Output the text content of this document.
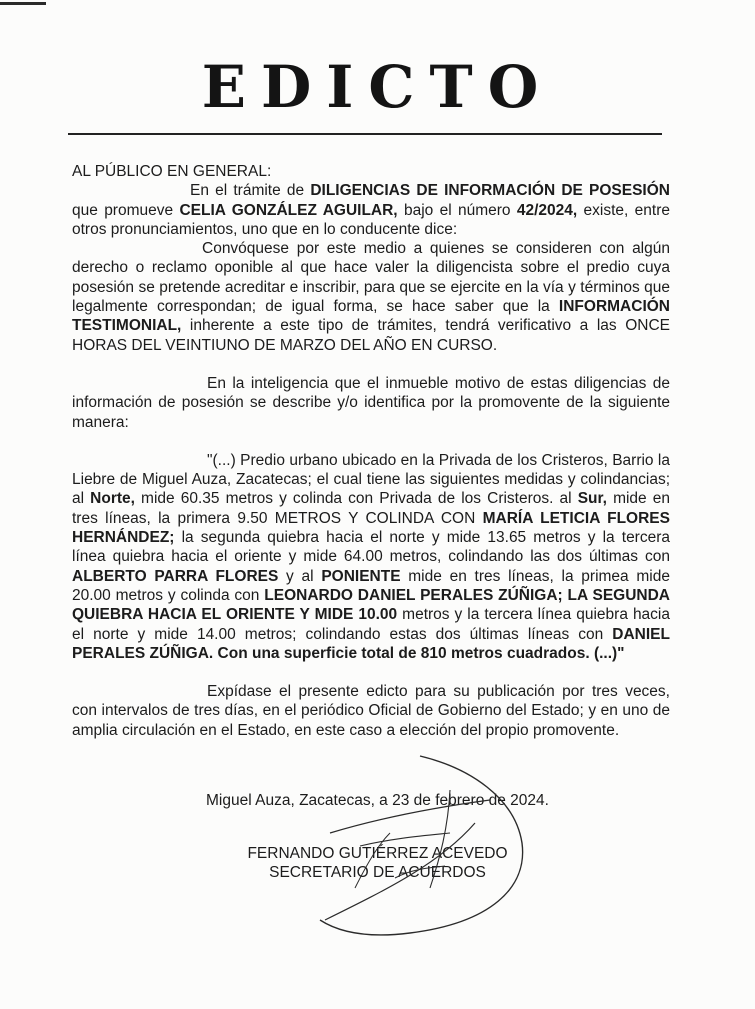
EDICTO

AL PÚBLICO EN GENERAL:

En el trámite de DILIGENCIAS DE INFORMACIÓN DE POSESIÓN que promueve CELIA GONZÁLEZ AGUILAR, bajo el número 42/2024, existe, entre otros pronunciamientos, uno que en lo conducente dice:

Convóquese por este medio a quienes se consideren con algún derecho o reclamo oponible al que hace valer la diligencista sobre el predio cuya posesión se pretende acreditar e inscribir, para que se ejercite en la vía y términos que legalmente correspondan; de igual forma, se hace saber que la INFORMACIÓN TESTIMONIAL, inherente a este tipo de trámites, tendrá verificativo a las ONCE HORAS DEL VEINTIUNO DE MARZO DEL AÑO EN CURSO.

En la inteligencia que el inmueble motivo de estas diligencias de información de posesión se describe y/o identifica por la promovente de la siguiente manera:

"(...) Predio urbano ubicado en la Privada de los Cristeros, Barrio la Liebre de Miguel Auza, Zacatecas; el cual tiene las siguientes medidas y colindancias; al Norte, mide 60.35 metros y colinda con Privada de los Cristeros. al Sur, mide en tres líneas, la primera 9.50 METROS Y COLINDA CON MARÍA LETICIA FLORES HERNÁNDEZ; la segunda quiebra hacia el norte y mide 13.65 metros y la tercera línea quiebra hacia el oriente y mide 64.00 metros, colindando las dos últimas con ALBERTO PARRA FLORES y al PONIENTE mide en tres líneas, la primea mide 20.00 metros y colinda con LEONARDO DANIEL PERALES ZÚÑIGA; LA SEGUNDA QUIEBRA HACIA EL ORIENTE Y MIDE 10.00 metros y la tercera línea quiebra hacia el norte y mide 14.00 metros; colindando estas dos últimas líneas con DANIEL PERALES ZÚÑIGA. Con una superficie total de 810 metros cuadrados. (...)"

Expídase el presente edicto para su publicación por tres veces, con intervalos de tres días, en el periódico Oficial de Gobierno del Estado; y en uno de amplia circulación en el Estado, en este caso a elección del propio promovente.

Miguel Auza, Zacatecas, a 23 de febrero de 2024.
FERNANDO GUTIÉRREZ ACEVEDO
SECRETARIO DE ACUERDOS
